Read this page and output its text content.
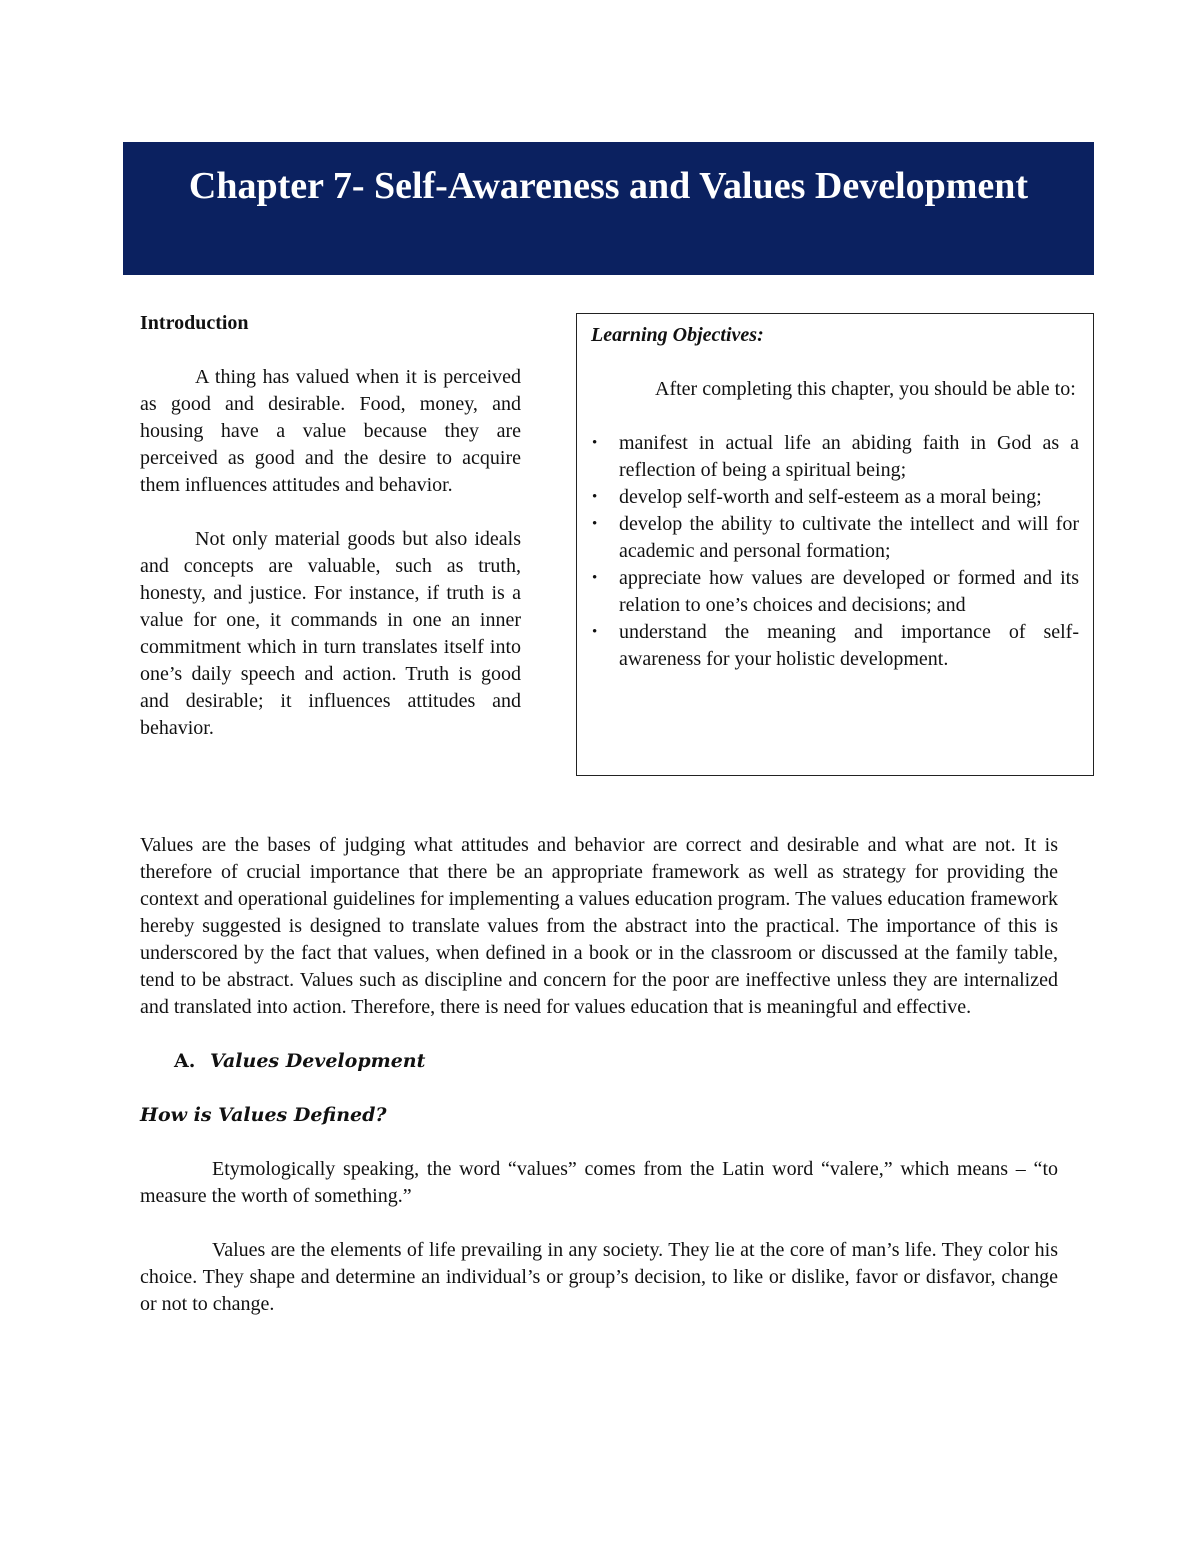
Chapter 7- Self-Awareness and Values Development
Introduction

A thing has valued when it is perceived as good and desirable. Food, money, and housing have a value because they are perceived as good and the desire to acquire them influences attitudes and behavior.

Not only material goods but also ideals and concepts are valuable, such as truth, honesty, and justice. For instance, if truth is a value for one, it commands in one an inner commitment which in turn translates itself into one’s daily speech and action. Truth is good and desirable; it influences attitudes and behavior.

Learning Objectives:

After completing this chapter, you should be able to:

• manifest in actual life an abiding faith in God as a reflection of being a spiritual being;
• develop self-worth and self-esteem as a moral being;
• develop the ability to cultivate the intellect and will for academic and personal formation;
• appreciate how values are developed or formed and its relation to one’s choices and decisions; and
• understand the meaning and importance of self-awareness for your holistic development.

Values are the bases of judging what attitudes and behavior are correct and desirable and what are not. It is therefore of crucial importance that there be an appropriate framework as well as strategy for providing the context and operational guidelines for implementing a values education program. The values education framework hereby suggested is designed to translate values from the abstract into the practical. The importance of this is underscored by the fact that values, when defined in a book or in the classroom or discussed at the family table, tend to be abstract. Values such as discipline and concern for the poor are ineffective unless they are internalized and translated into action. Therefore, there is need for values education that is meaningful and effective.

A. Values Development
How is Values Defined?

Etymologically speaking, the word “values” comes from the Latin word “valere,” which means – “to measure the worth of something.”

Values are the elements of life prevailing in any society. They lie at the core of man’s life. They color his choice. They shape and determine an individual’s or group’s decision, to like or dislike, favor or disfavor, change or not to change.
